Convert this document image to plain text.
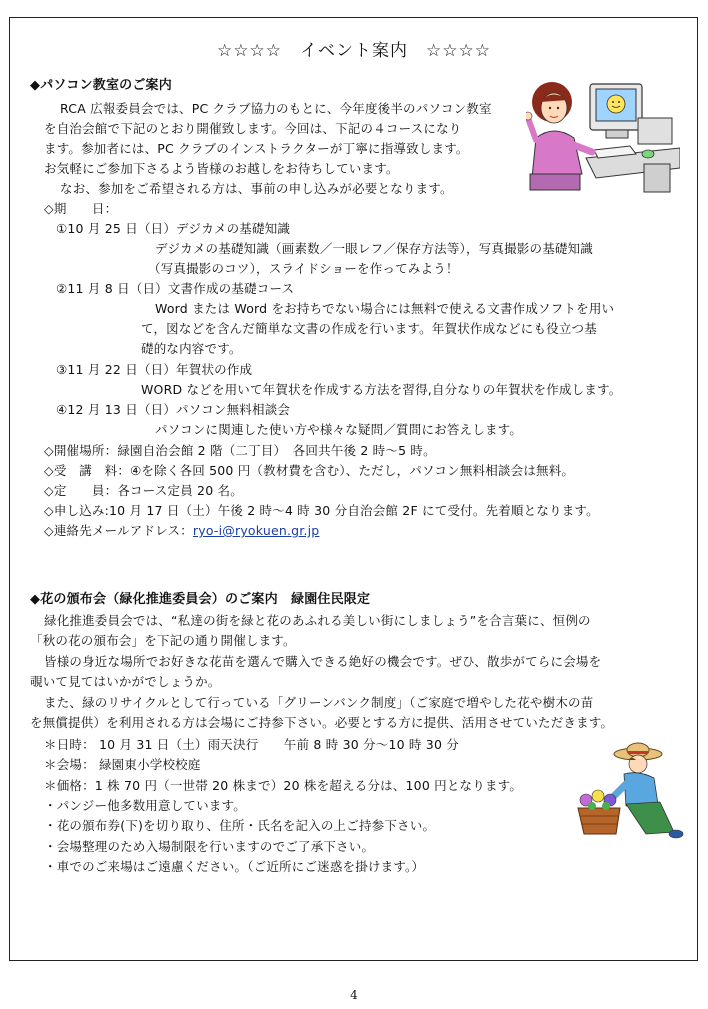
☆☆☆☆　イベント案内　☆☆☆☆
◆パソコン教室のご案内
RCA 広報委員会では、PC クラブ協力のもとに、今年度後半のパソコン教室
を自治会館で下記のとおり開催致します。今回は、下記の４コースになり
ます。参加者には、PC クラブのインストラクターが丁寧に指導致します。
お気軽にご参加下さるよう皆様のお越しをお待ちしています。
なお、参加をご希望される方は、事前の申し込みが必要となります。
◇期　　日：
①10 月 25 日（日）デジカメの基礎知識
デジカメの基礎知識（画素数／一眼レフ／保存方法等），写真撮影の基礎知識
（写真撮影のコツ），スライドショーを作ってみよう！
②11 月 8 日（日）文書作成の基礎コース
Word または Word をお持ちでない場合には無料で使える文書作成ソフトを用い
て，図などを含んだ簡単な文書の作成を行います。年賀状作成などにも役立つ基
礎的な内容です。
③11 月 22 日（日）年賀状の作成
WORD などを用いて年賀状を作成する方法を習得,自分なりの年賀状を作成します。
④12 月 13 日（日）パソコン無料相談会
パソコンに関連した使い方や様々な疑問／質問にお答えします。
◇開催場所：緑園自治会館 2 階（二丁目）　各回共午後 2 時～5 時。
◇受　講　料：④を除く各回 500 円（教材費を含む）、ただし，パソコン無料相談会は無料。
◇定　　員：各コース定員 20 名。
◇申し込み:10 月 17 日（土）午後 2 時～4 時 30 分自治会館 2F にて受付。先着順となります。
◇連絡先メールアドレス：ryo-i@ryokuen.gr.jp
◆花の頒布会（緑化推進委員会）のご案内　緑園住民限定
緑化推進委員会では、“私達の街を緑と花のあふれる美しい街にしましょう”を合言葉に、恒例の
「秋の花の頒布会」を下記の通り開催します。
皆様の身近な場所でお好きな花苗を選んで購入できる絶好の機会です。ぜひ、散歩がてらに会場を
覗いて見てはいかがでしょうか。
また、緑のリサイクルとして行っている「グリーンバンク制度」（ご家庭で増やした花や樹木の苗
を無償提供）を利用される方は会場にご持参下さい。必要とする方に提供、活用させていただきます。
＊日時： 10 月 31 日（土）雨天決行　　午前 8 時 30 分～10 時 30 分
＊会場： 緑園東小学校校庭
＊価格：1 株 70 円（一世帯 20 株まで）20 株を超える分は、100 円となります。
・パンジー他多数用意しています。
・花の頒布券(下)を切り取り、住所・氏名を記入の上ご持参下さい。
・会場整理のため入場制限を行いますのでご了承下さい。
・車でのご来場はご遠慮ください。（ご近所にご迷惑を掛けます。）
4
